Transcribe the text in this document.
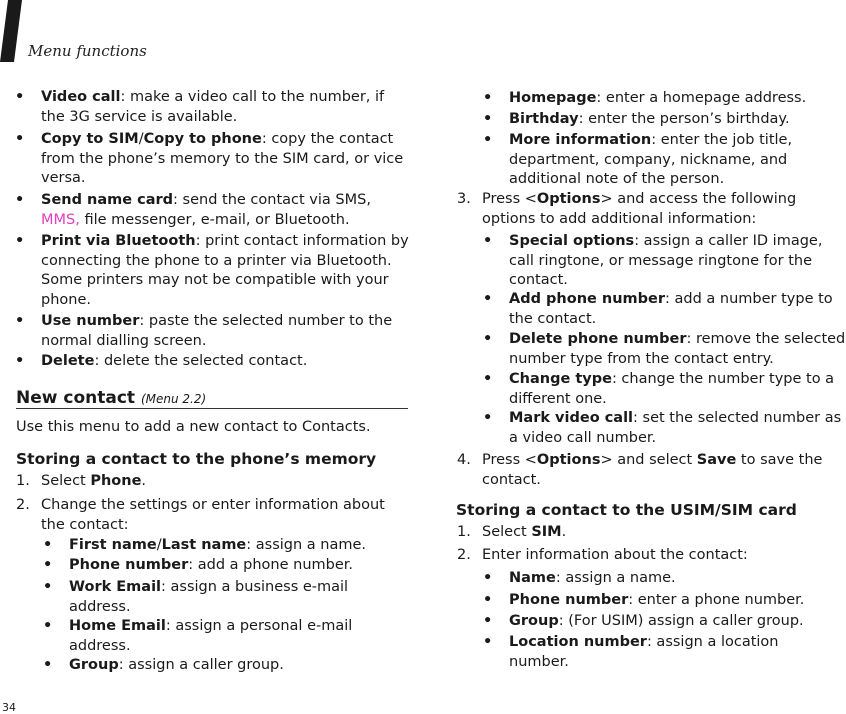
Menu functions
• Video call: make a video call to the number, if the 3G service is available.
• Copy to SIM/Copy to phone: copy the contact from the phone’s memory to the SIM card, or vice versa.
• Send name card: send the contact via SMS, MMS, file messenger, e-mail, or Bluetooth.
• Print via Bluetooth: print contact information by connecting the phone to a printer via Bluetooth. Some printers may not be compatible with your phone.
• Use number: paste the selected number to the normal dialling screen.
• Delete: delete the selected contact.
New contact (Menu 2.2)
Use this menu to add a new contact to Contacts.
Storing a contact to the phone’s memory
1. Select Phone.
2. Change the settings or enter information about the contact:
• First name/Last name: assign a name.
• Phone number: add a phone number.
• Work Email: assign a business e-mail address.
• Home Email: assign a personal e-mail address.
• Group: assign a caller group.
• Homepage: enter a homepage address.
• Birthday: enter the person’s birthday.
• More information: enter the job title, department, company, nickname, and additional note of the person.
3. Press <Options> and access the following options to add additional information:
• Special options: assign a caller ID image, call ringtone, or message ringtone for the contact.
• Add phone number: add a number type to the contact.
• Delete phone number: remove the selected number type from the contact entry.
• Change type: change the number type to a different one.
• Mark video call: set the selected number as a video call number.
4. Press <Options> and select Save to save the contact.
Storing a contact to the USIM/SIM card
1. Select SIM.
2. Enter information about the contact:
• Name: assign a name.
• Phone number: enter a phone number.
• Group: (For USIM) assign a caller group.
• Location number: assign a location number.
34
